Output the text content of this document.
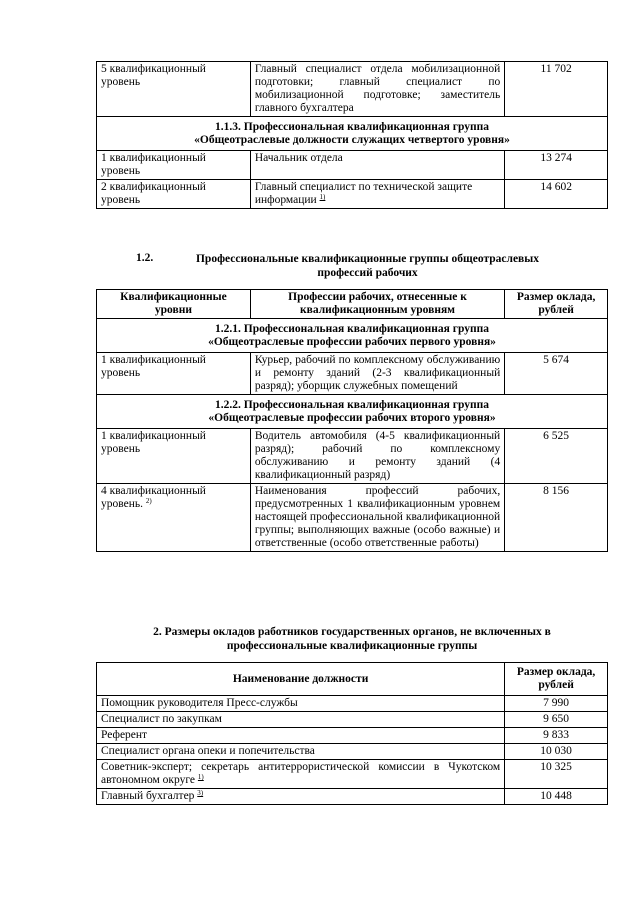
5 квалификационный уровень	Главный специалист отдела мобилизационной подготовки; главный специалист по мобилизационной подготовке; заместитель главного бухгалтера	11 702

1.1.3. Профессиональная квалификационная группа
«Общеотраслевые должности служащих четвертого уровня»		

1 квалификационный уровень	Начальник отдела	13 274
2 квалификационный уровень	Главный специалист по технической защите информации $^{1)}$	14 602
1.2.	Профессиональные квалификационные группы общеотраслевых
профессий рабочих
Квалификационные уровни	Профессии рабочих, отнесенные к квалификационным уровням	Размер оклада, рублей

1.2.1. Профессиональная квалификационная группа
«Общеотраслевые профессии рабочих первого уровня»		

1 квалификационный уровень	Курьер, рабочий по комплексному обслуживанию и ремонту зданий (2-3 квалификационный разряд); уборщик служебных помещений	5 674

1.2.2. Профессиональная квалификационная группа
«Общеотраслевые профессии рабочих второго уровня»		

1 квалификационный уровень	Водитель автомобиля (4-5 квалификационный разряд); рабочий по комплексному обслуживанию и ремонту зданий (4 квалификационный разряд)	6 525
4 квалификационный уровень. $^{2)}$	Наименования профессий рабочих, предусмотренных 1 квалификационным уровнем настоящей профессиональной квалификационной группы; выполняющих важные (особо важные) и ответственные (особо ответственные работы)	8 156
2. Размеры окладов работников государственных органов, не включенных в
профессиональные квалификационные группы
Наименование должности	Размер оклада, рублей
Помощник руководителя Пресс-службы	7 990
Специалист по закупкам	9 650
Референт	9 833
Специалист органа опеки и попечительства	10 030
Советник-эксперт; секретарь антитеррористической комиссии в Чукотском автономном округе $^{1)}$	10 325
Главный бухгалтер $^{3)}$	10 448
